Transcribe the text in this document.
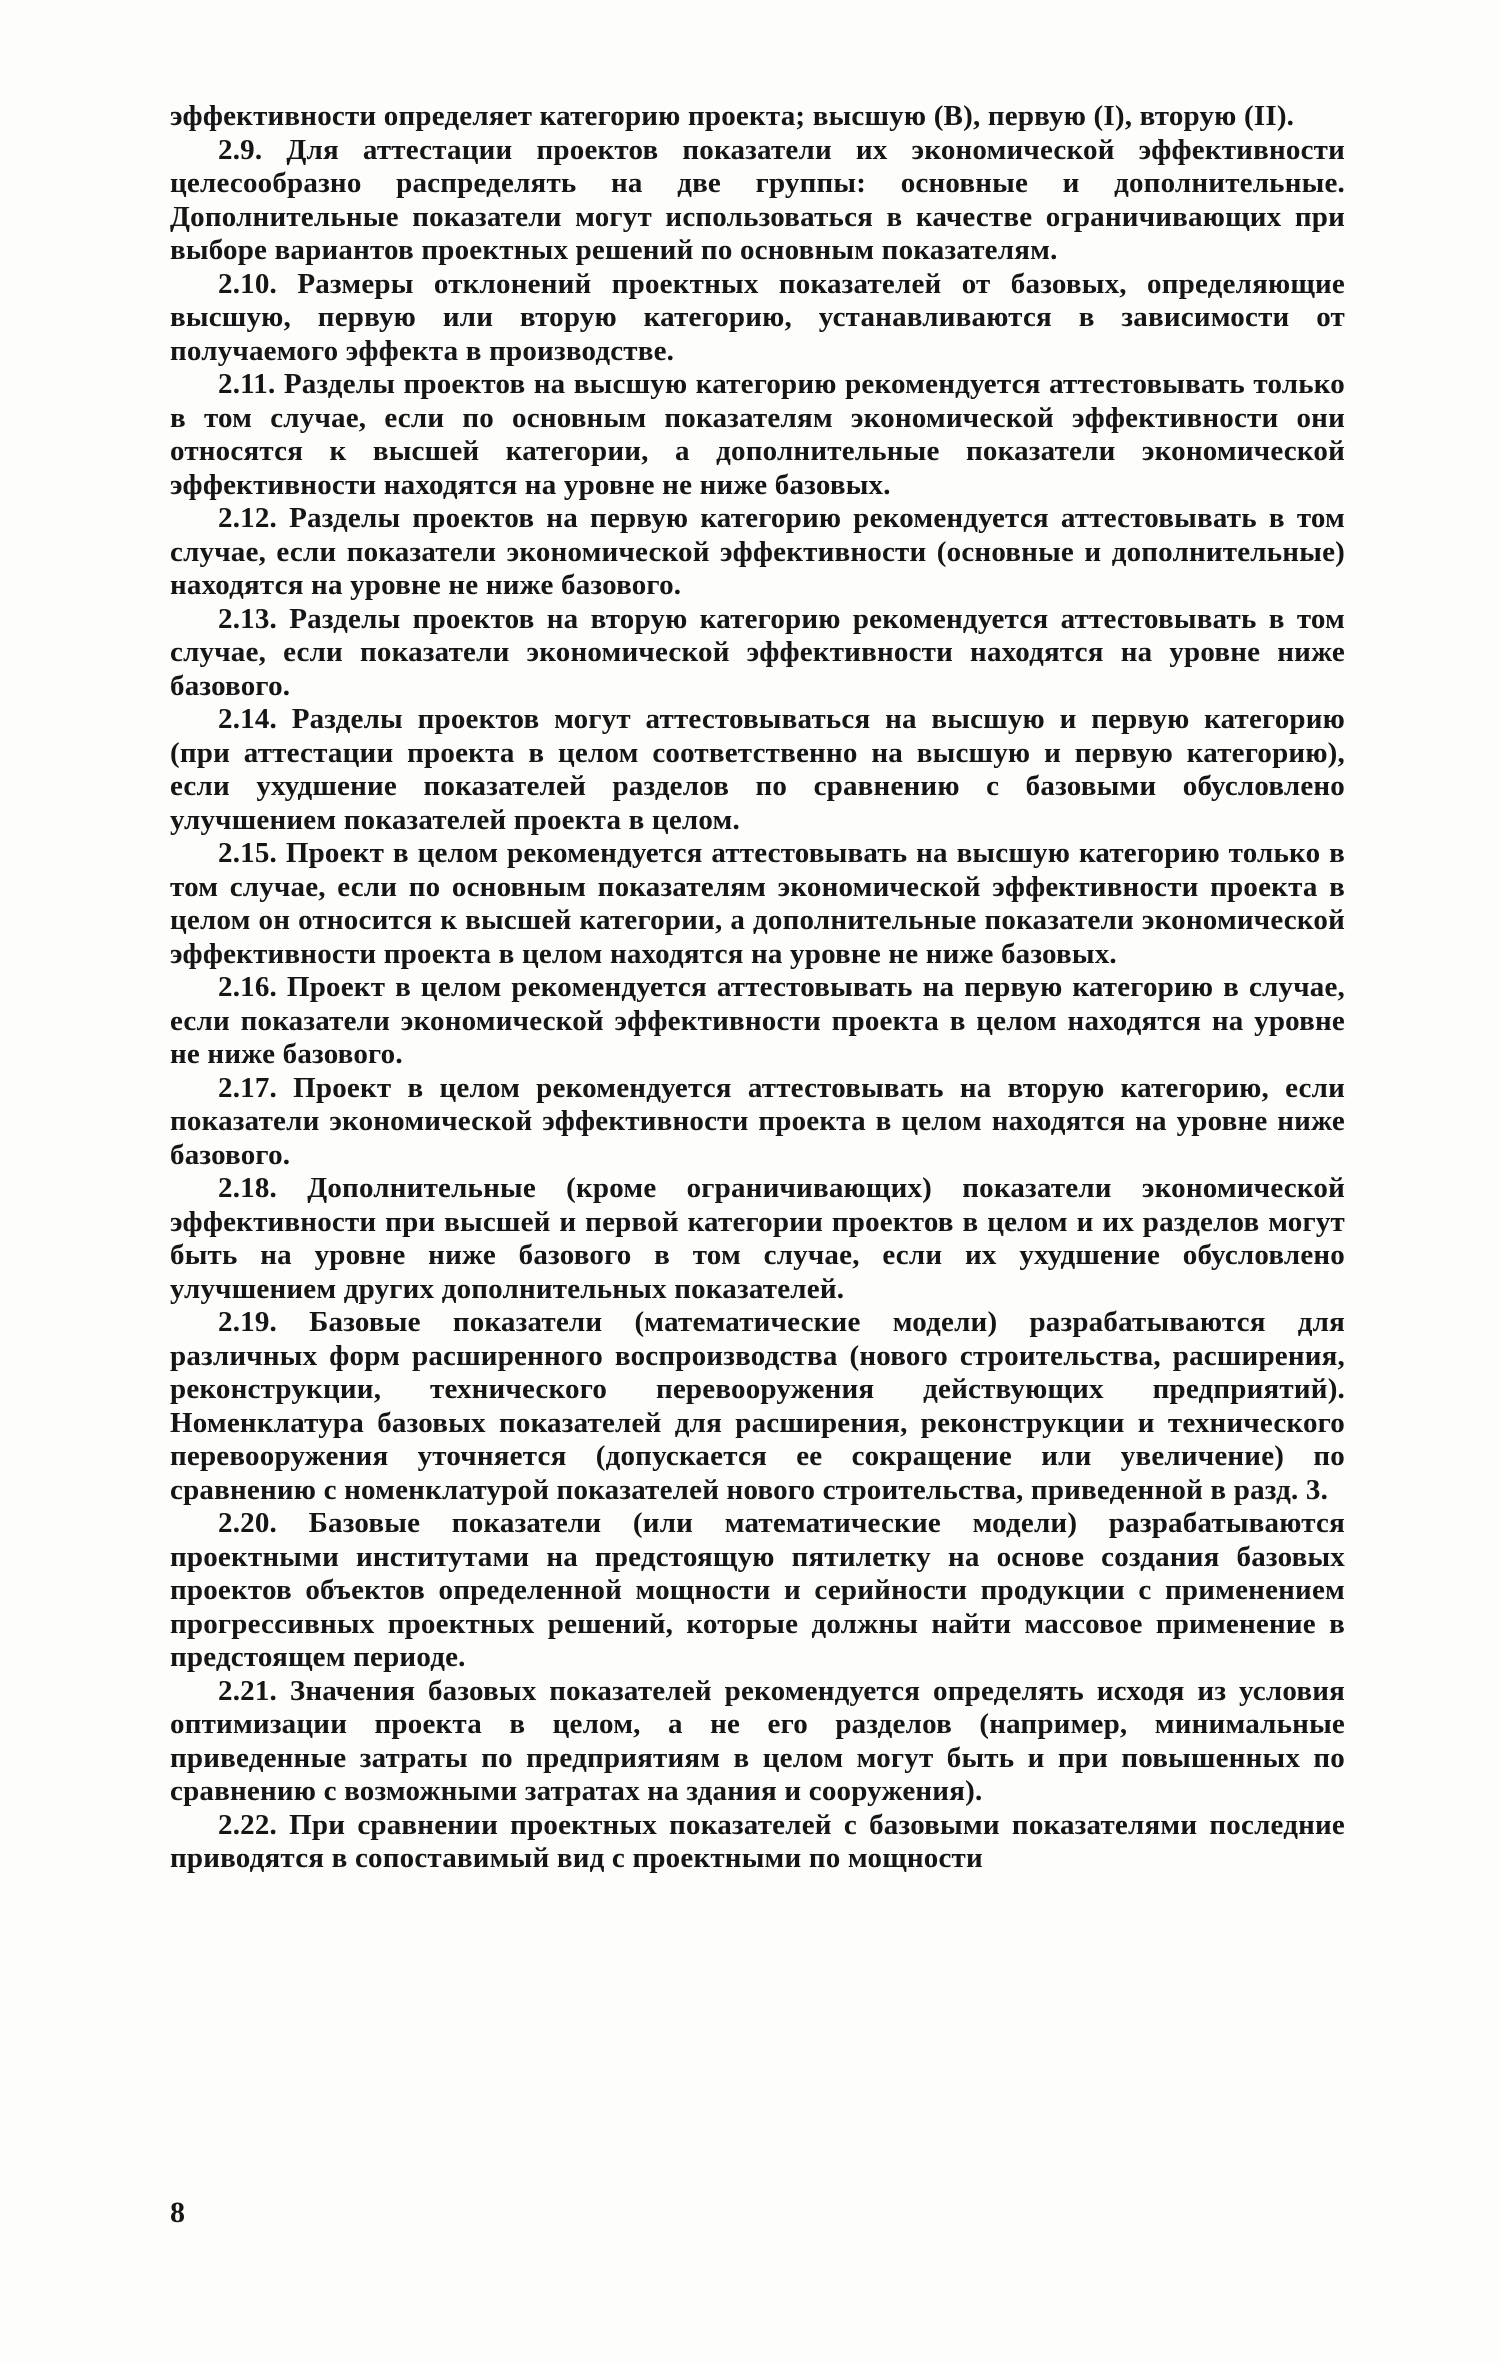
эффективности определяет категорию проекта; высшую (В), первую (I), вторую (II).

2.9. Для аттестации проектов показатели их экономической эффективности целесообразно распределять на две группы: основные и дополнительные. Дополнительные показатели могут использоваться в качестве ограничивающих при выборе вариантов проектных решений по основным показателям.

2.10. Размеры отклонений проектных показателей от базовых, определяющие высшую, первую или вторую категорию, устанавливаются в зависимости от получаемого эффекта в производстве.

2.11. Разделы проектов на высшую категорию рекомендуется аттестовывать только в том случае, если по основным показателям экономической эффективности они относятся к высшей категории, а дополнительные показатели экономической эффективности находятся на уровне не ниже базовых.

2.12. Разделы проектов на первую категорию рекомендуется аттестовывать в том случае, если показатели экономической эффективности (основные и дополнительные) находятся на уровне не ниже базового.

2.13. Разделы проектов на вторую категорию рекомендуется аттестовывать в том случае, если показатели экономической эффективности находятся на уровне ниже базового.

2.14. Разделы проектов могут аттестовываться на высшую и первую категорию (при аттестации проекта в целом соответственно на высшую и первую категорию), если ухудшение показателей разделов по сравнению с базовыми обусловлено улучшением показателей проекта в целом.

2.15. Проект в целом рекомендуется аттестовывать на высшую категорию только в том случае, если по основным показателям экономической эффективности проекта в целом он относится к высшей категории, а дополнительные показатели экономической эффективности проекта в целом находятся на уровне не ниже базовых.

2.16. Проект в целом рекомендуется аттестовывать на первую категорию в случае, если показатели экономической эффективности проекта в целом находятся на уровне не ниже базового.

2.17. Проект в целом рекомендуется аттестовывать на вторую категорию, если показатели экономической эффективности проекта в целом находятся на уровне ниже базового.

2.18. Дополнительные (кроме ограничивающих) показатели экономической эффективности при высшей и первой категории проектов в целом и их разделов могут быть на уровне ниже базового в том случае, если их ухудшение обусловлено улучшением других дополнительных показателей.

2.19. Базовые показатели (математические модели) разрабатываются для различных форм расширенного воспроизводства (нового строительства, расширения, реконструкции, технического перевооружения действующих предприятий). Номенклатура базовых показателей для расширения, реконструкции и технического перевооружения уточняется (допускается ее сокращение или увеличение) по сравнению с номенклатурой показателей нового строительства, приведенной в разд. 3.

2.20. Базовые показатели (или математические модели) разрабатываются проектными институтами на предстоящую пятилетку на основе создания базовых проектов объектов определенной мощности и серийности продукции с применением прогрессивных проектных решений, которые должны найти массовое применение в предстоящем периоде.

2.21. Значения базовых показателей рекомендуется определять исходя из условия оптимизации проекта в целом, а не его разделов (например, минимальные приведенные затраты по предприятиям в целом могут быть и при повышенных по сравнению с возможными затратах на здания и сооружения).

2.22. При сравнении проектных показателей с базовыми показателями последние приводятся в сопоставимый вид с проектными по мощности

8
